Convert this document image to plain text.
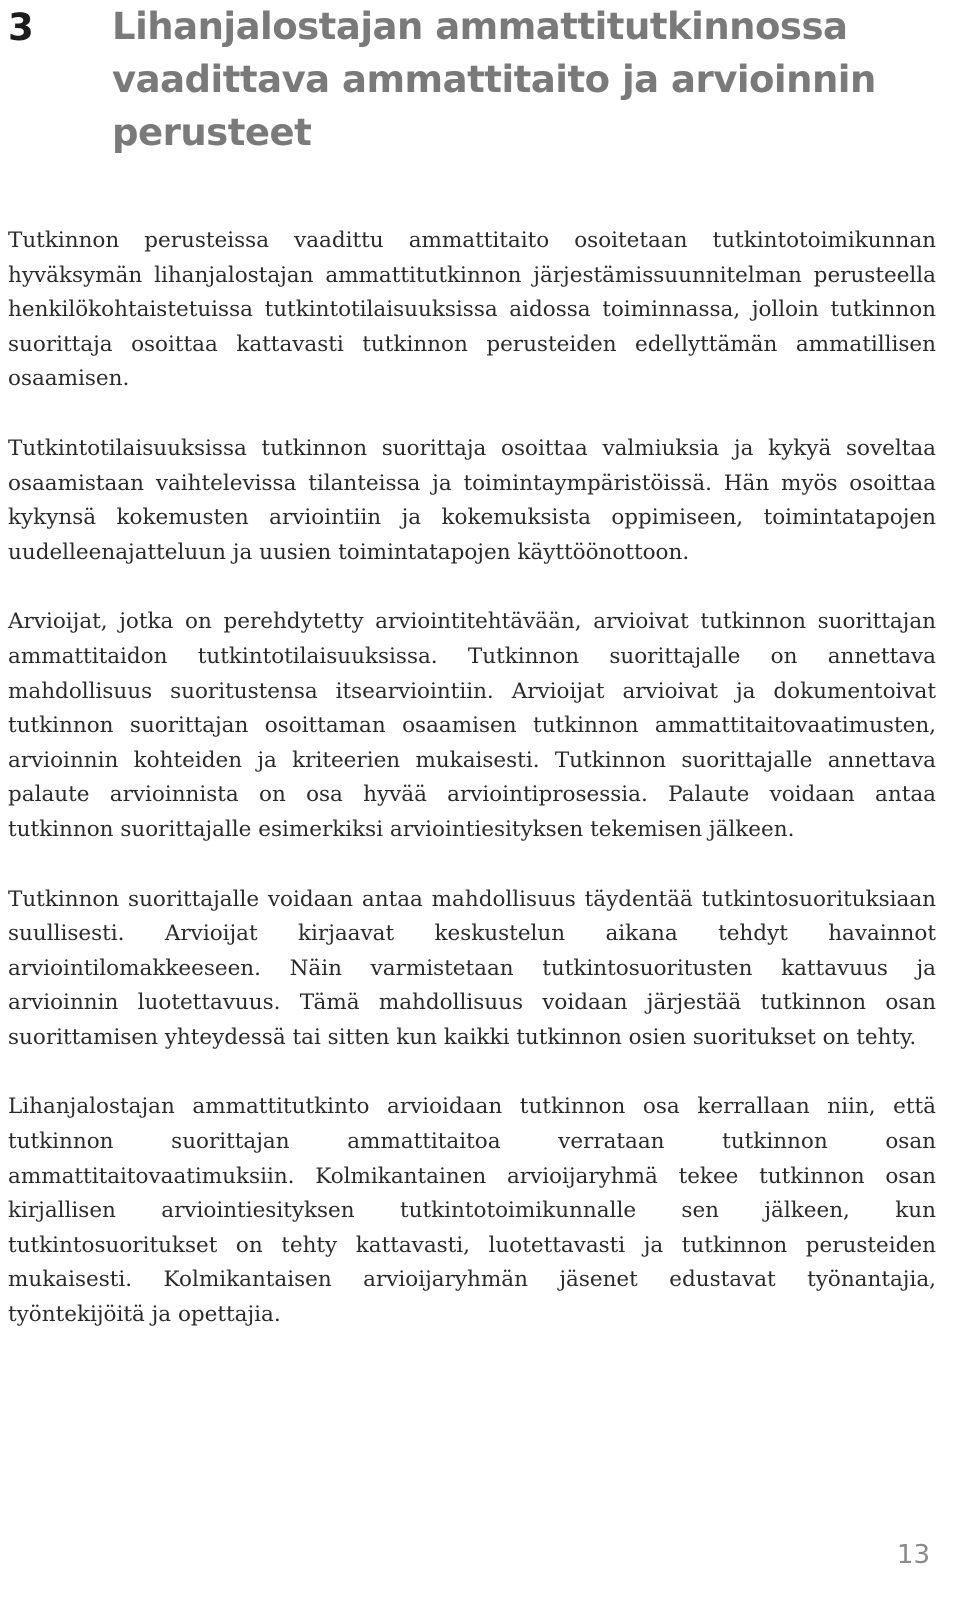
3 Lihanjalostajan ammattitutkinnossa vaadittava ammattitaito ja arvioinnin perusteet

Tutkinnon perusteissa vaadittu ammattitaito osoitetaan tutkintotoimikunnan hyväksymän lihanjalostajan ammattitutkinnon järjestämissuunnitelman perusteella henkilökohtaistetuissa tutkintotilaisuuksissa aidossa toiminnassa, jolloin tutkinnon suorittaja osoittaa kattavasti tutkinnon perusteiden edellyttämän ammatillisen osaamisen.

Tutkintotilaisuuksissa tutkinnon suorittaja osoittaa valmiuksia ja kykyä soveltaa osaamistaan vaihtelevissa tilanteissa ja toimintaympäristöissä. Hän myös osoittaa kykynsä kokemusten arviointiin ja kokemuksista oppimiseen, toimintatapojen uudelleenajatteluun ja uusien toimintatapojen käyttöönottoon.

Arvioijat, jotka on perehdytetty arviointitehtävään, arvioivat tutkinnon suorittajan ammattitaidon tutkintotilaisuuksissa. Tutkinnon suorittajalle on annettava mahdollisuus suoritustensa itsearviointiin. Arvioijat arvioivat ja dokumentoivat tutkinnon suorittajan osoittaman osaamisen tutkinnon ammattitaitovaatimusten, arvioinnin kohteiden ja kriteerien mukaisesti. Tutkinnon suorittajalle annettava palaute arvioinnista on osa hyvää arviointiprosessia. Palaute voidaan antaa tutkinnon suorittajalle esimerkiksi arviointiesityksen tekemisen jälkeen.

Tutkinnon suorittajalle voidaan antaa mahdollisuus täydentää tutkintosuorituksiaan suullisesti. Arvioijat kirjaavat keskustelun aikana tehdyt havainnot arviointilomakkeeseen. Näin varmistetaan tutkintosuoritusten kattavuus ja arvioinnin luotettavuus. Tämä mahdollisuus voidaan järjestää tutkinnon osan suorittamisen yhteydessä tai sitten kun kaikki tutkinnon osien suoritukset on tehty.

Lihanjalostajan ammattitutkinto arvioidaan tutkinnon osa kerrallaan niin, että tutkinnon suorittajan ammattitaitoa verrataan tutkinnon osan ammattitaitovaatimuksiin. Kolmikantainen arvioijaryhmä tekee tutkinnon osan kirjallisen arviointiesityksen tutkintotoimikunnalle sen jälkeen, kun tutkintosuoritukset on tehty kattavasti, luotettavasti ja tutkinnon perusteiden mukaisesti. Kolmikantaisen arvioijaryhmän jäsenet edustavat työnantajia, työntekijöitä ja opettajia.

13
